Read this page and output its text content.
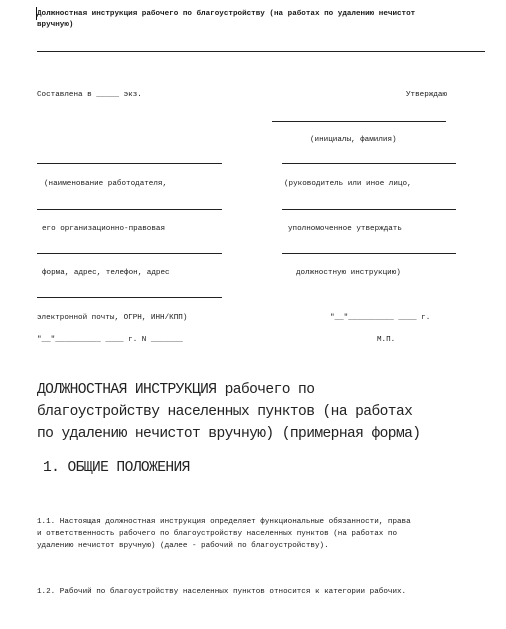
Должностная инструкция рабочего по благоустройству (на работах по удалению нечистот
вручную)
Составлена в _____ экз.
(наименование работодателя,
его организационно-правовая
форма, адрес, телефон, адрес
электронной почты, ОГРН, ИНН/КПП)
"__"__________ ____ г. N _______
Утверждаю
(инициалы, фамилия)
(руководитель или иное лицо,
уполномоченное утверждать
должностную инструкцию)
"__"__________ ____ г.
М.П.
ДОЛЖНОСТНАЯ ИНСТРУКЦИЯ рабочего по
благоустройству населенных пунктов (на работах
по удалению нечистот вручную) (примерная форма)
1. ОБЩИЕ ПОЛОЖЕНИЯ
1.1. Настоящая должностная инструкция определяет функциональные обязанности, права
и ответственность рабочего по благоустройству населенных пунктов (на работах по
удалению нечистот вручную) (далее - рабочий по благоустройству).
1.2. Рабочий по благоустройству населенных пунктов относится к категории рабочих.
